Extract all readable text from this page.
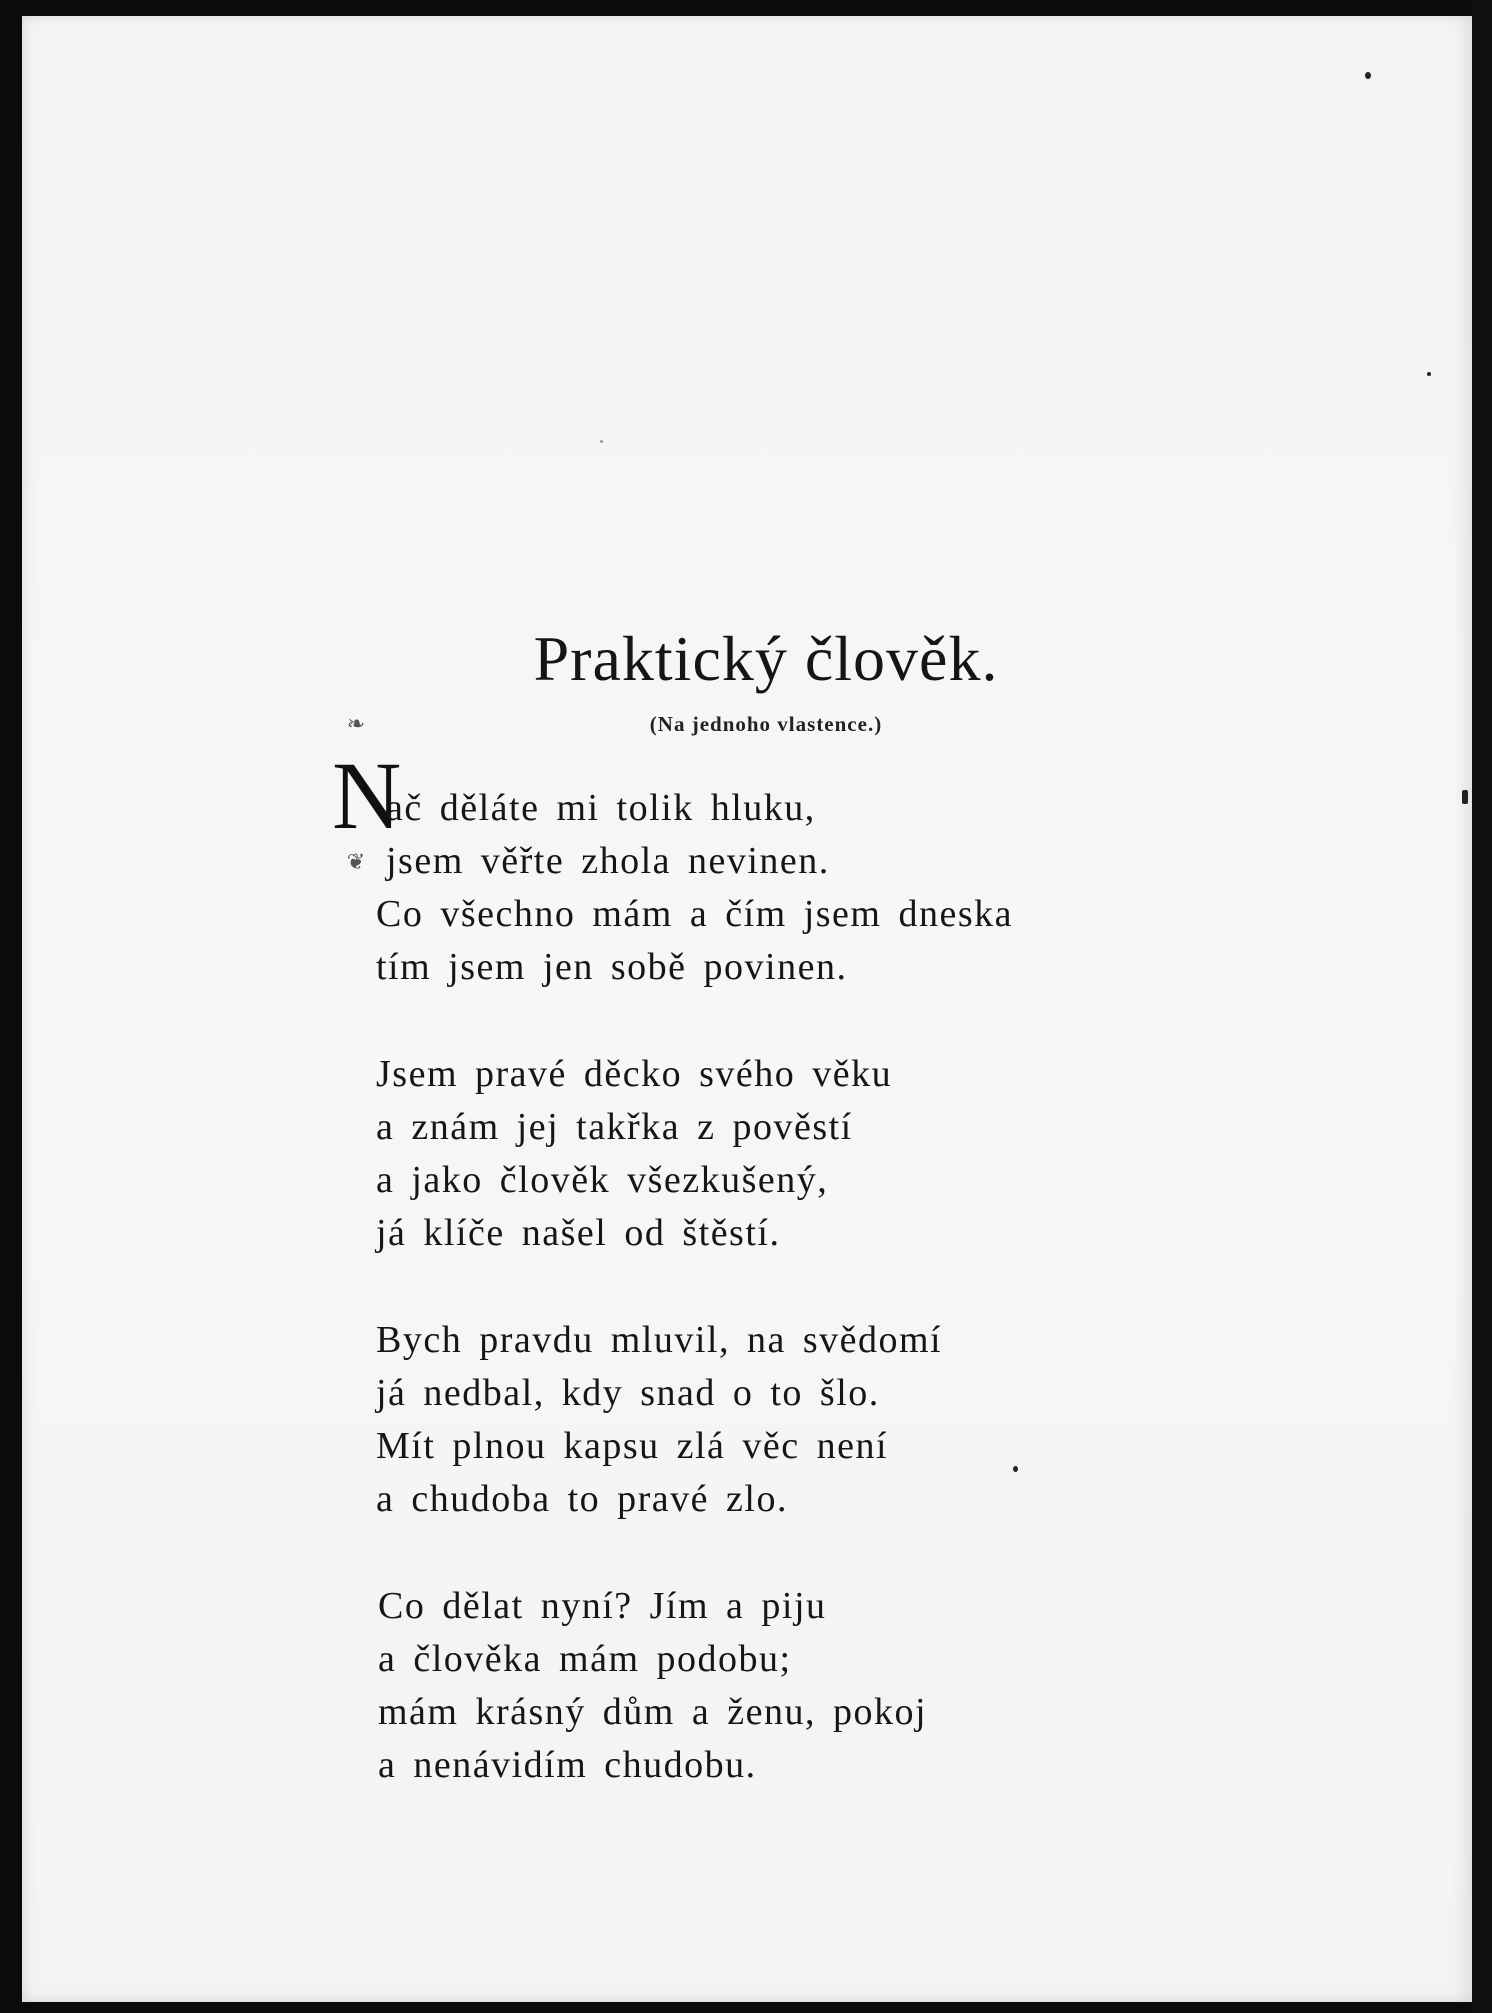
Praktický člověk.
(Na jednoho vlastence.)
❧
N
❦
ač děláte mi tolik hluku,
jsem věřte zhola nevinen.
Co všechno mám a čím jsem dneska
tím jsem jen sobě povinen.
Jsem pravé děcko svého věku
a znám jej takřka z pověstí
a jako člověk všezkušený,
já klíče našel od štěstí.
Bych pravdu mluvil, na svědomí
já nedbal, kdy snad o to šlo.
Mít plnou kapsu zlá věc není
a chudoba to pravé zlo.
Co dělat nyní? Jím a piju
a člověka mám podobu;
mám krásný dům a ženu, pokoj
a nenávidím chudobu.
